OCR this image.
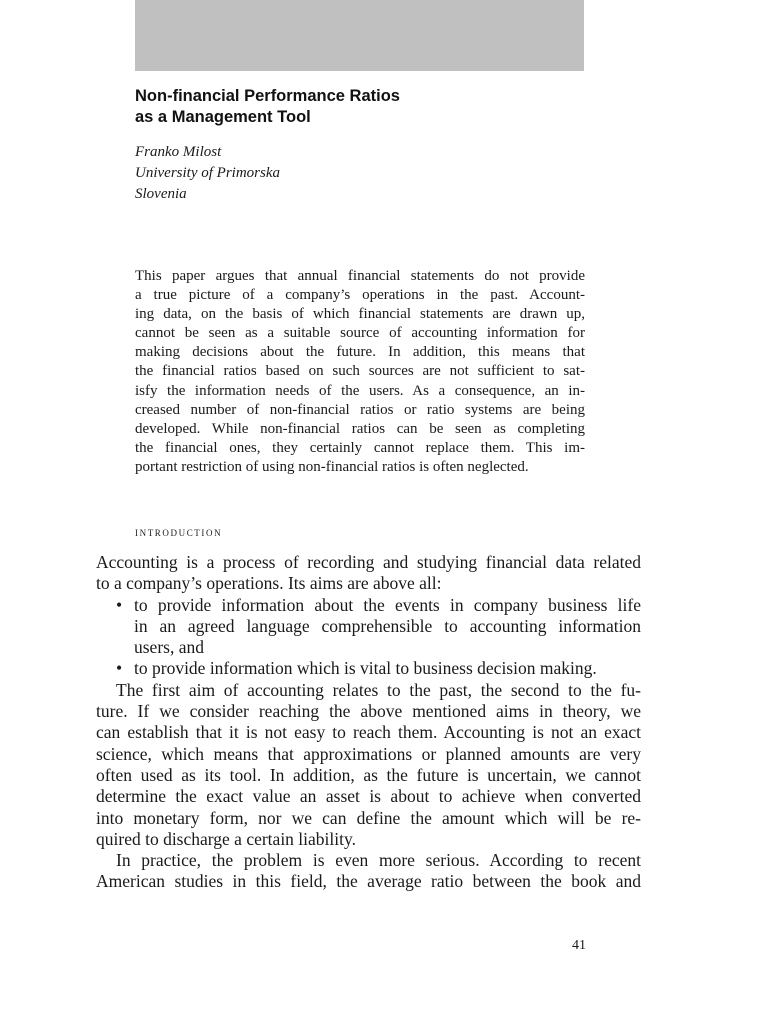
Non-financial Performance Ratios
as a Management Tool
Franko Milost
University of Primorska
Slovenia
This paper argues that annual financial statements do not provide
a true picture of a company’s operations in the past. Account-
ing data, on the basis of which financial statements are drawn up,
cannot be seen as a suitable source of accounting information for
making decisions about the future. In addition, this means that
the financial ratios based on such sources are not sufficient to sat-
isfy the information needs of the users. As a consequence, an in-
creased number of non-financial ratios or ratio systems are being
developed. While non-financial ratios can be seen as completing
the financial ones, they certainly cannot replace them. This im-
portant restriction of using non-financial ratios is often neglected.
introduction
Accounting is a process of recording and studying financial data related
to a company’s operations. Its aims are above all:
• to provide information about the events in company business life
in an agreed language comprehensible to accounting information
users, and
• to provide information which is vital to business decision making.
The first aim of accounting relates to the past, the second to the fu-
ture. If we consider reaching the above mentioned aims in theory, we
can establish that it is not easy to reach them. Accounting is not an exact
science, which means that approximations or planned amounts are very
often used as its tool. In addition, as the future is uncertain, we cannot
determine the exact value an asset is about to achieve when converted
into monetary form, nor we can define the amount which will be re-
quired to discharge a certain liability.
In practice, the problem is even more serious. According to recent
American studies in this field, the average ratio between the book and
41
